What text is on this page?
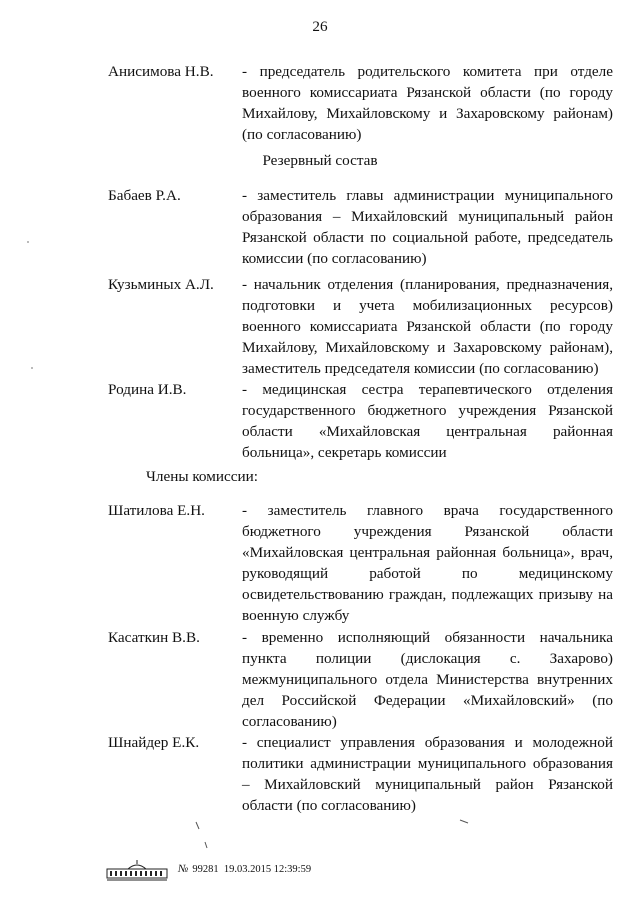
26
Анисимова Н.В.	- председатель родительского комитета при отделе военного комиссариата Рязанской области (по городу Михайлову, Михайловскому и Захаровскому районам) (по согласованию)
Резервный состав
Бабаев Р.А.	- заместитель главы администрации муниципального образования – Михайловский муниципальный район Рязанской области по социальной работе, председатель комиссии (по согласованию)
Кузьминых А.Л.	- начальник отделения (планирования, предназначения, подготовки и учета мобилизационных ресурсов) военного комиссариата Рязанской области (по городу Михайлову, Михайловскому и Захаровскому районам), заместитель председателя комиссии (по согласованию)
Родина И.В.	- медицинская сестра терапевтического отделения государственного бюджетного учреждения Рязанской области «Михайловская центральная районная больница», секретарь комиссии
Члены комиссии:
Шатилова Е.Н.	- заместитель главного врача государственного бюджетного учреждения Рязанской области «Михайловская центральная районная больница», врач, руководящий работой по медицинскому освидетельствованию граждан, подлежащих призыву на военную службу
Касаткин В.В.	- временно исполняющий обязанности начальника пункта полиции (дислокация с. Захарово) межмуниципального отдела Министерства внутренних дел Российской Федерации «Михайловский» (по согласованию)
Шнайдер Е.К.	- специалист управления образования и молодежной политики администрации муниципального образования – Михайловский муниципальный район Рязанской области (по согласованию)
№ 99281 19.03.2015 12:39:59
